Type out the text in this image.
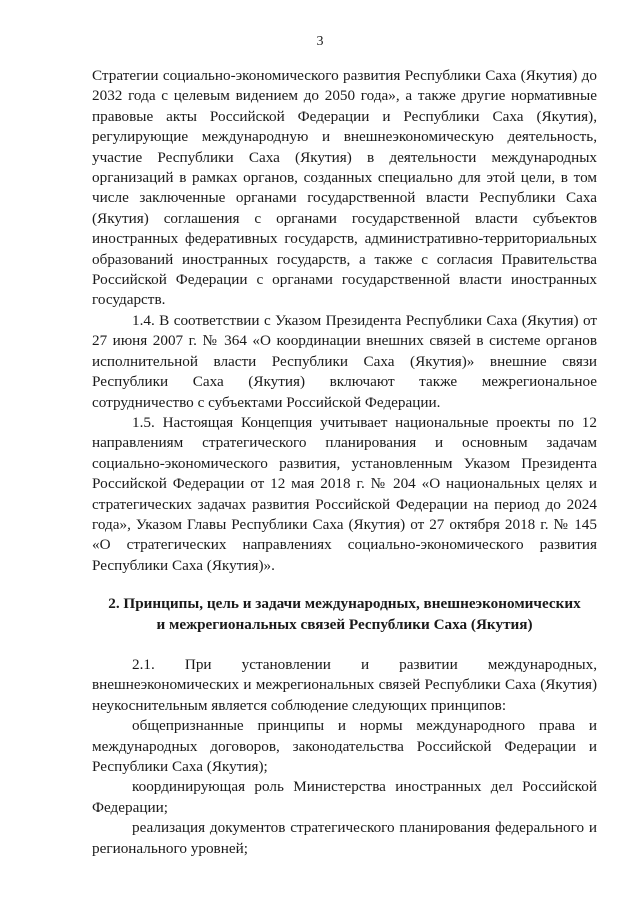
3

Стратегии социально-экономического развития Республики Саха (Якутия) до 2032 года с целевым видением до 2050 года», а также другие нормативные правовые акты Российской Федерации и Республики Саха (Якутия), регулирующие международную и внешнеэкономическую деятельность, участие Республики Саха (Якутия) в деятельности международных организаций в рамках органов, созданных специально для этой цели, в том числе заключенные органами государственной власти Республики Саха (Якутия) соглашения с органами государственной власти субъектов иностранных федеративных государств, административно-территориальных образований иностранных государств, а также с согласия Правительства Российской Федерации с органами государственной власти иностранных государств.

1.4. В соответствии с Указом Президента Республики Саха (Якутия) от 27 июня 2007 г. № 364 «О координации внешних связей в системе органов исполнительной власти Республики Саха (Якутия)» внешние связи Республики Саха (Якутия) включают также межрегиональное сотрудничество с субъектами Российской Федерации.

1.5. Настоящая Концепция учитывает национальные проекты по 12 направлениям стратегического планирования и основным задачам социально-экономического развития, установленным Указом Президента Российской Федерации от 12 мая 2018 г. № 204 «О национальных целях и стратегических задачах развития Российской Федерации на период до 2024 года», Указом Главы Республики Саха (Якутия) от 27 октября 2018 г. № 145 «О стратегических направлениях социально-экономического развития Республики Саха (Якутия)».

2. Принципы, цель и задачи международных, внешнеэкономических
и межрегиональных связей Республики Саха (Якутия)

2.1. При установлении и развитии международных, внешнеэкономических и межрегиональных связей Республики Саха (Якутия) неукоснительным является соблюдение следующих принципов:

общепризнанные принципы и нормы международного права и международных договоров, законодательства Российской Федерации и Республики Саха (Якутия);

координирующая роль Министерства иностранных дел Российской Федерации;

реализация документов стратегического планирования федерального и регионального уровней;
